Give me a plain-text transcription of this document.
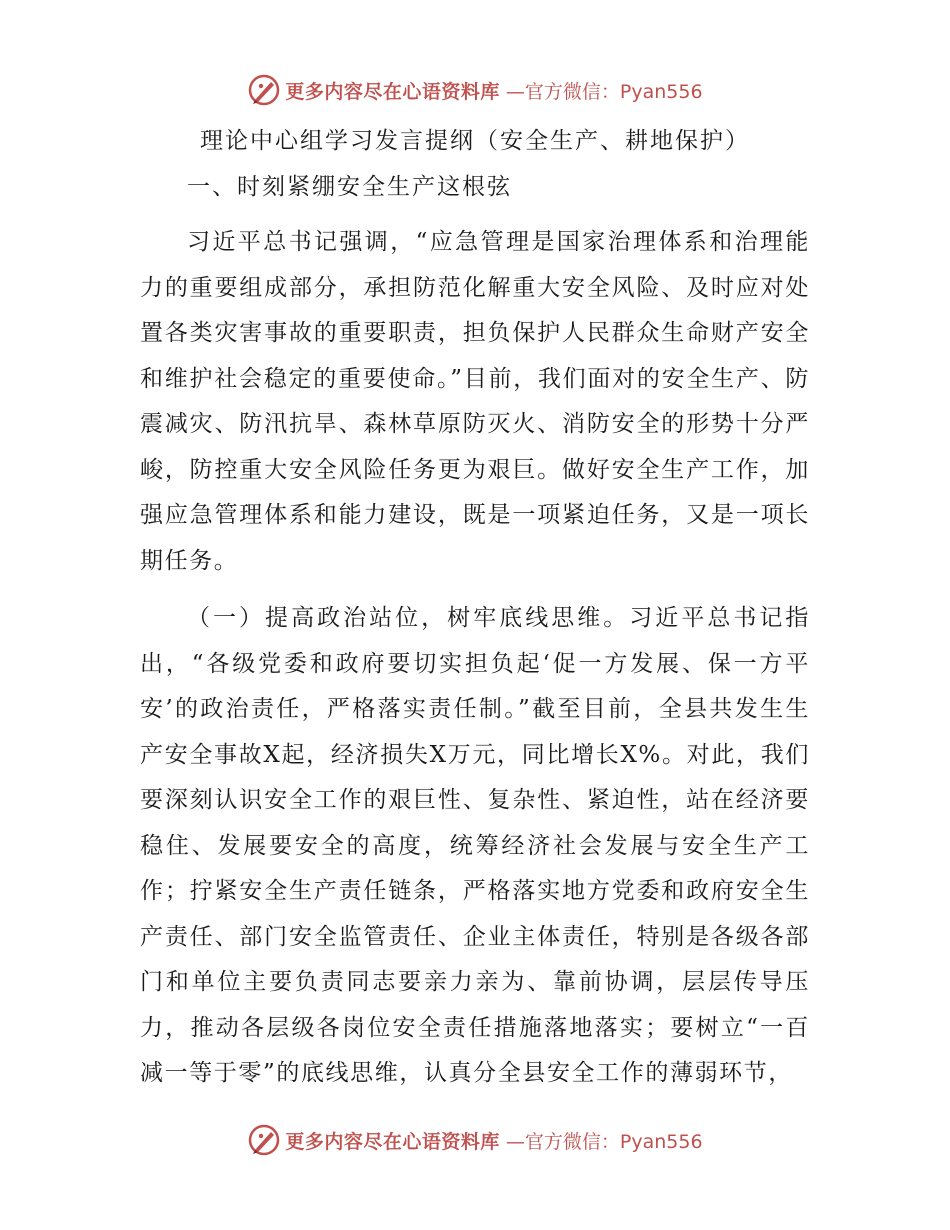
更多内容尽在心语资料库 —官方微信：Pyan556
理论中心组学习发言提纲（安全生产、耕地保护）
一、时刻紧绷安全生产这根弦

习近平总书记强调，“应急管理是国家治理体系和治理能力的重要组成部分，承担防范化解重大安全风险、及时应对处置各类灾害事故的重要职责，担负保护人民群众生命财产安全和维护社会稳定的重要使命。”目前，我们面对的安全生产、防震减灾、防汛抗旱、森林草原防灭火、消防安全的形势十分严峻，防控重大安全风险任务更为艰巨。做好安全生产工作，加强应急管理体系和能力建设，既是一项紧迫任务，又是一项长期任务。

（一）提高政治站位，树牢底线思维。习近平总书记指出，“各级党委和政府要切实担负起‘促一方发展、保一方平安’的政治责任，严格落实责任制。”截至目前，全县共发生生产安全事故X起，经济损失X万元，同比增长X%。对此，我们要深刻认识安全工作的艰巨性、复杂性、紧迫性，站在经济要稳住、发展要安全的高度，统筹经济社会发展与安全生产工作；拧紧安全生产责任链条，严格落实地方党委和政府安全生产责任、部门安全监管责任、企业主体责任，特别是各级各部门和单位主要负责同志要亲力亲为、靠前协调，层层传导压力，推动各层级各岗位安全责任措施落地落实；要树立“一百减一等于零”的底线思维，认真分全县安全工作的薄弱环节，

更多内容尽在心语资料库 —官方微信：Pyan556
